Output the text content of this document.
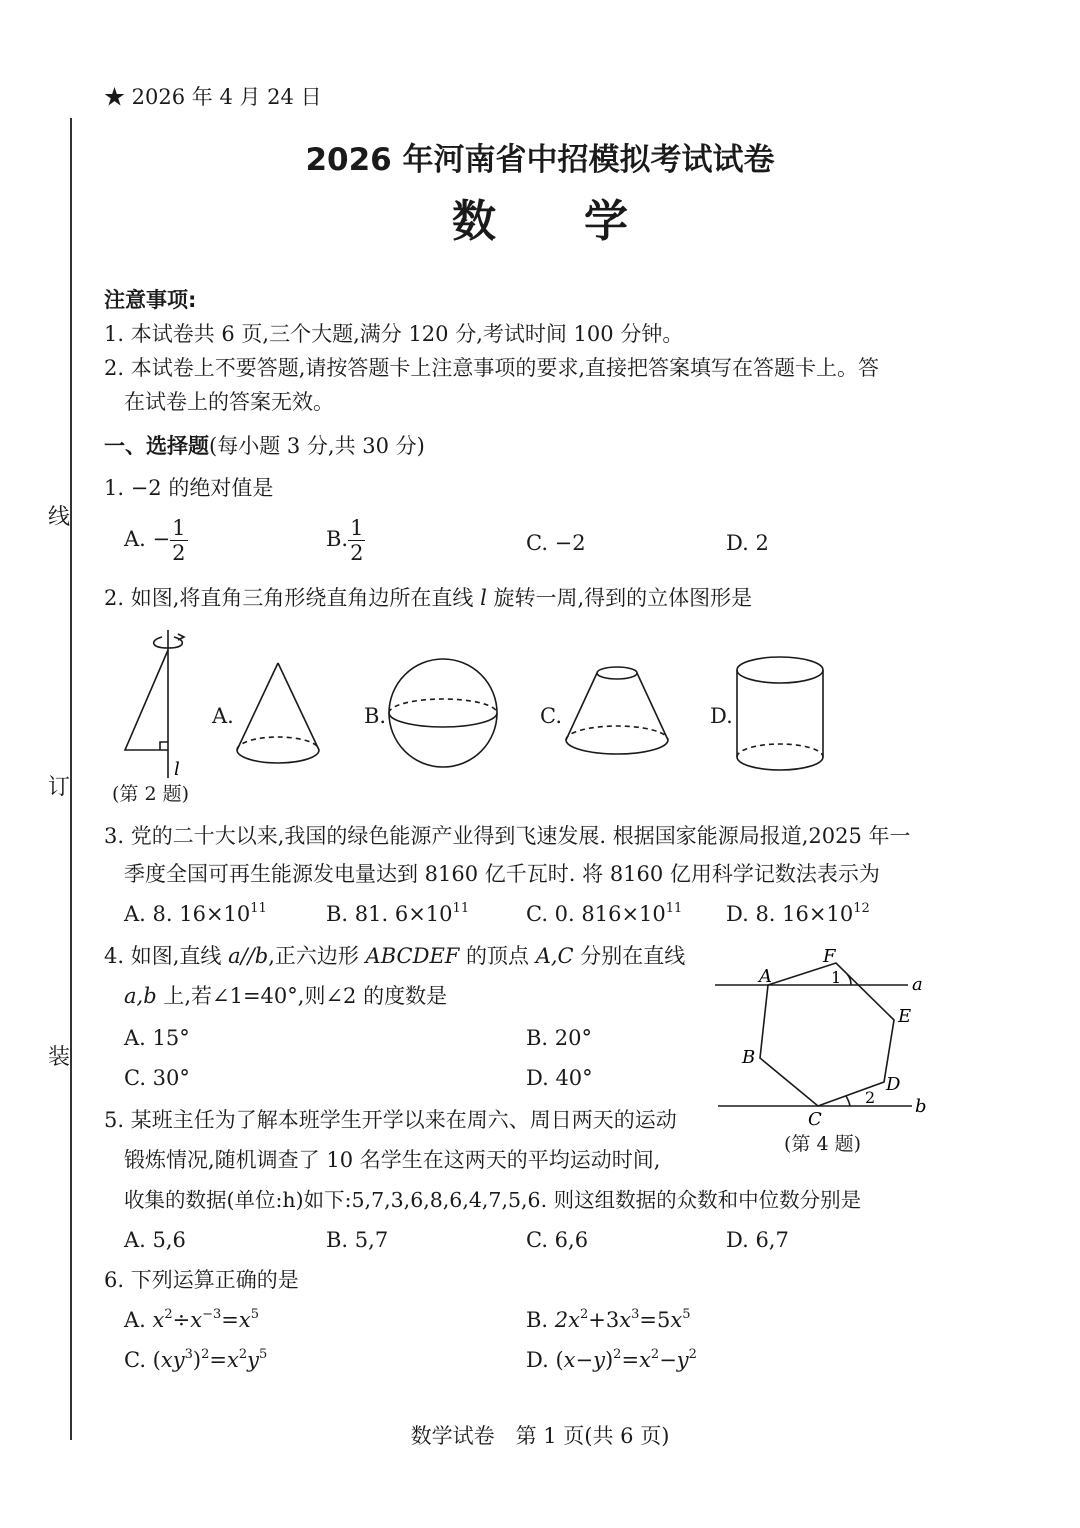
线
订
装
★ 2026 年 4 月 24 日
2026 年河南省中招模拟考试试卷
数　　学
注意事项:
1. 本试卷共 6 页,三个大题,满分 120 分,考试时间 100 分钟。
2. 本试卷上不要答题,请按答题卡上注意事项的要求,直接把答案填写在答题卡上。答
在试卷上的答案无效。
一、选择题(每小题 3 分,共 30 分)
1. −2 的绝对值是
A. − $\frac{1}{2}$	B. $\frac{1}{2}$	C. −2	D. 2
2. 如图,将直角三角形绕直角边所在直线 l 旋转一周,得到的立体图形是
l
A
B
C
D
E
F
a
b
1
2
A.	B.	C.	D.
(第 2 题)
3. 党的二十大以来,我国的绿色能源产业得到飞速发展. 根据国家能源局报道,2025 年一
季度全国可再生能源发电量达到 8160 亿千瓦时. 将 8160 亿用科学记数法表示为
A. 8. $16\times 10^{11}$	B. 81. $6\times 10^{11}$	C. 0. $816\times 10^{11}$ D. 8. $16\times 10^{12}$
4. 如图,直线 a//b,正六边形 ABCDEF 的顶点 A,C 分别在直线
a,b 上,若∠1=40°,则∠2 的度数是
A. 15°	B. 20°
C. 30°	D. 40°
(第 4 题)
5. 某班主任为了解本班学生开学以来在周六、周日两天的运动
锻炼情况,随机调查了 10 名学生在这两天的平均运动时间,
收集的数据(单位:h)如下:5,7,3,6,8,6,4,7,5,6. 则这组数据的众数和中位数分别是
A. 5,6	B. 5,7	C. 6,6	D. 6,7
6. 下列运算正确的是
A. $x^2\div x^{-3}=x^5$	B. $2x^2+3x^3=5x^5$
C. $(xy^3)^2=x^2y^5$	D. $(x-y)^2=x^2-y^2$
数学试卷　第 1 页(共 6 页)
